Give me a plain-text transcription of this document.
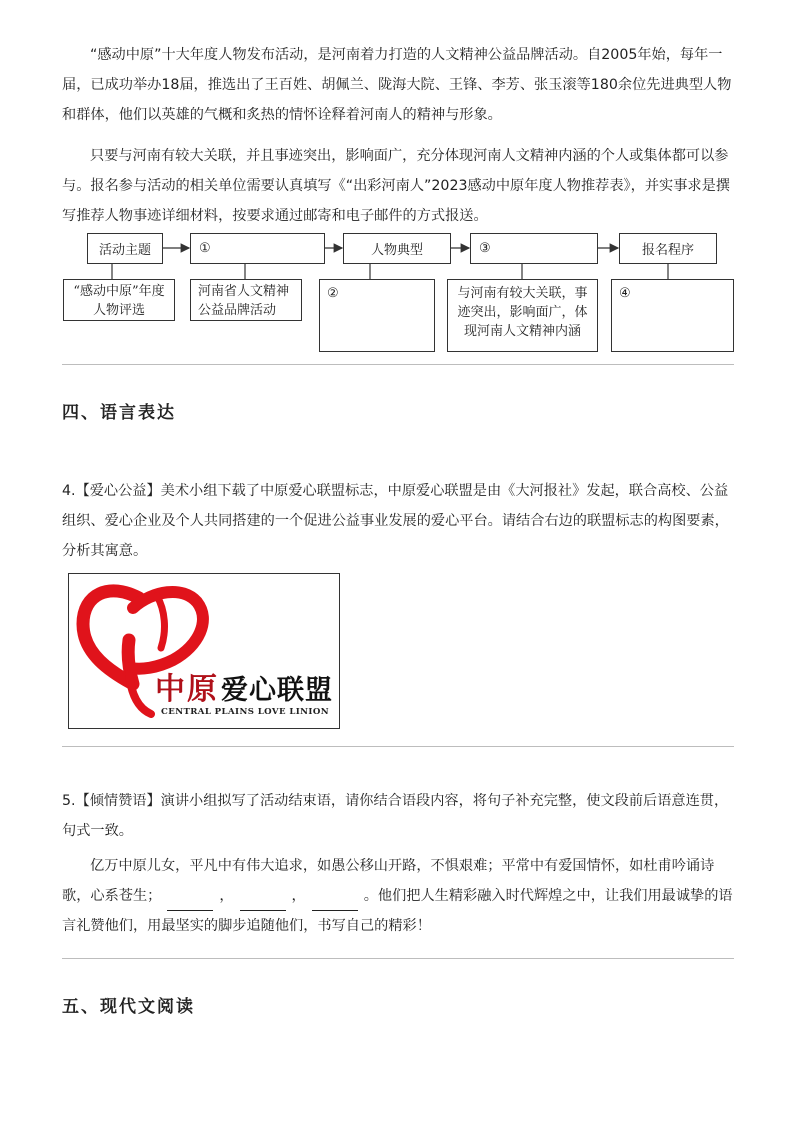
“感动中原”十大年度人物发布活动，是河南着力打造的人文精神公益品牌活动。自2005年始，每年一届，已成功举办18届，推选出了王百姓、胡佩兰、陇海大院、王锋、李芳、张玉滚等180余位先进典型人物和群体，他们以英雄的气概和炙热的情怀诠释着河南人的精神与形象。

只要与河南有较大关联，并且事迹突出，影响面广，充分体现河南人文精神内涵的个人或集体都可以参与。报名参与活动的相关单位需要认真填写《“出彩河南人”2023感动中原年度人物推荐表》，并实事求是撰写推荐人物事迹详细材料，按要求通过邮寄和电子邮件的方式报送。

活动主题	①	人物典型	③	报名程序
“感动中原”年度人物评选
河南省人文精神公益品牌活动
②	与河南有较大关联，事迹突出，影响面广，体现河南人文精神内涵
④
四、语言表达

4.【爱心公益】美术小组下载了中原爱心联盟标志，中原爱心联盟是由《大河报社》发起，联合高校、公益组织、爱心企业及个人共同搭建的一个促进公益事业发展的爱心平台。请结合右边的联盟标志的构图要素，分析其寓意。

中 原 爱 心 联 盟
CENTRAL PLAINS LOVE LINION

5.【倾情赞语】演讲小组拟写了活动结束语，请你结合语段内容，将句子补充完整，使文段前后语意连贯，句式一致。

亿万中原儿女，平凡中有伟大追求，如愚公移山开路，不惧艰难；平常中有爱国情怀，如杜甫吟诵诗歌，心系苍生；	，	，	。他们把人生精彩融入时代辉煌之中，让我们用最诚挚的语言礼赞他们，用最坚实的脚步追随他们，书写自己的精彩！

五、现代文阅读
